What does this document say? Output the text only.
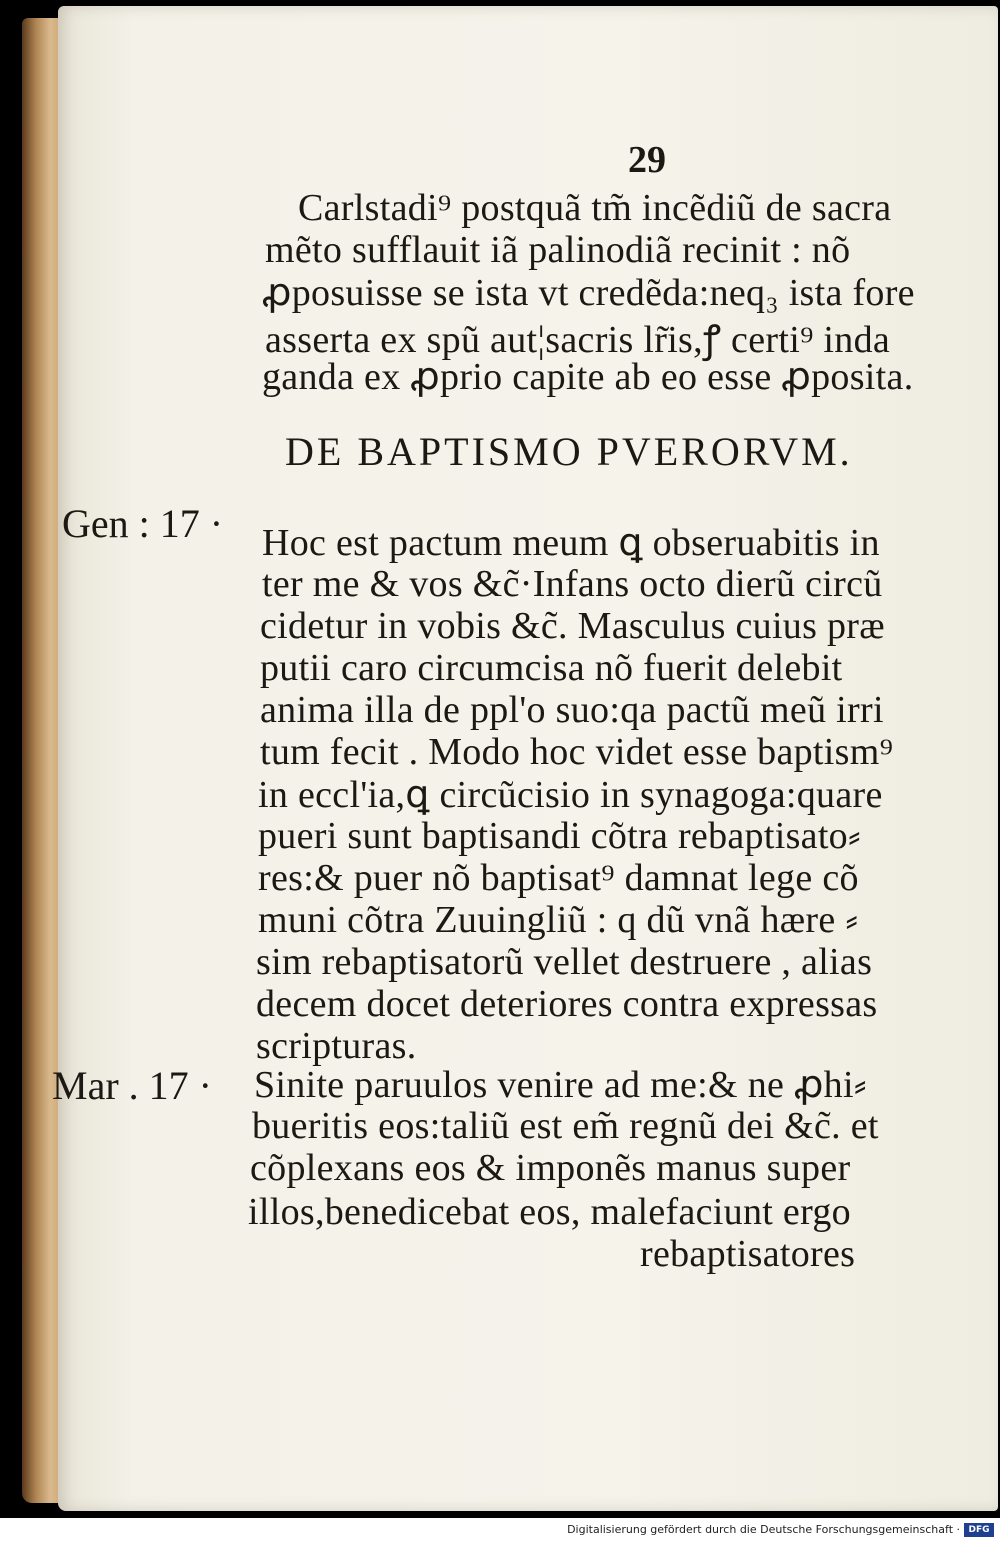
29
Carlstadi⁹ postquã tm̃ incẽdiũ de sacra
mẽto sufflauit iã palinodiã recinit : nõ
ꝓposuisse se ista vt credẽda:neq₃ ista fore
asserta ex spũ aut¦sacris lr̃is,ꝭ certi⁹ inda
ganda ex ꝓprio capite ab eo esse ꝓposita.
DE BAPTISMO PVERORVM.
Gen : 17 ·
Mar . 17 ·
Hoc est pactum meum ꝗ obseruabitis in
ter me & vos &c̃·Infans octo dierũ circũ
cidetur in vobis &c̃. Masculus cuius præ
putii caro circumcisa nõ fuerit delebit
anima illa de ppl'o suo:qa pactũ meũ irri
tum fecit . Modo hoc videt esse baptism⁹
in eccl'ia,ꝗ circũcisio in synagoga:quare
pueri sunt baptisandi cõtra rebaptisato⸗
res:& puer nõ baptisat⁹ damnat lege cõ
muni cõtra Zuuingliũ : q dũ vnã hære ⸗
sim rebaptisatorũ vellet destruere , alias
decem docet deteriores contra expressas
scripturas.
Sinite paruulos venire ad me:& ne ꝓhi⸗
bueritis eos:taliũ est em̃ regnũ dei &c̃. et
cõplexans eos & imponẽs manus super
illos,benedicebat eos, malefaciunt ergo
rebaptisatores
Digitalisierung gefördert durch die Deutsche Forschungsgemeinschaft · DFG
